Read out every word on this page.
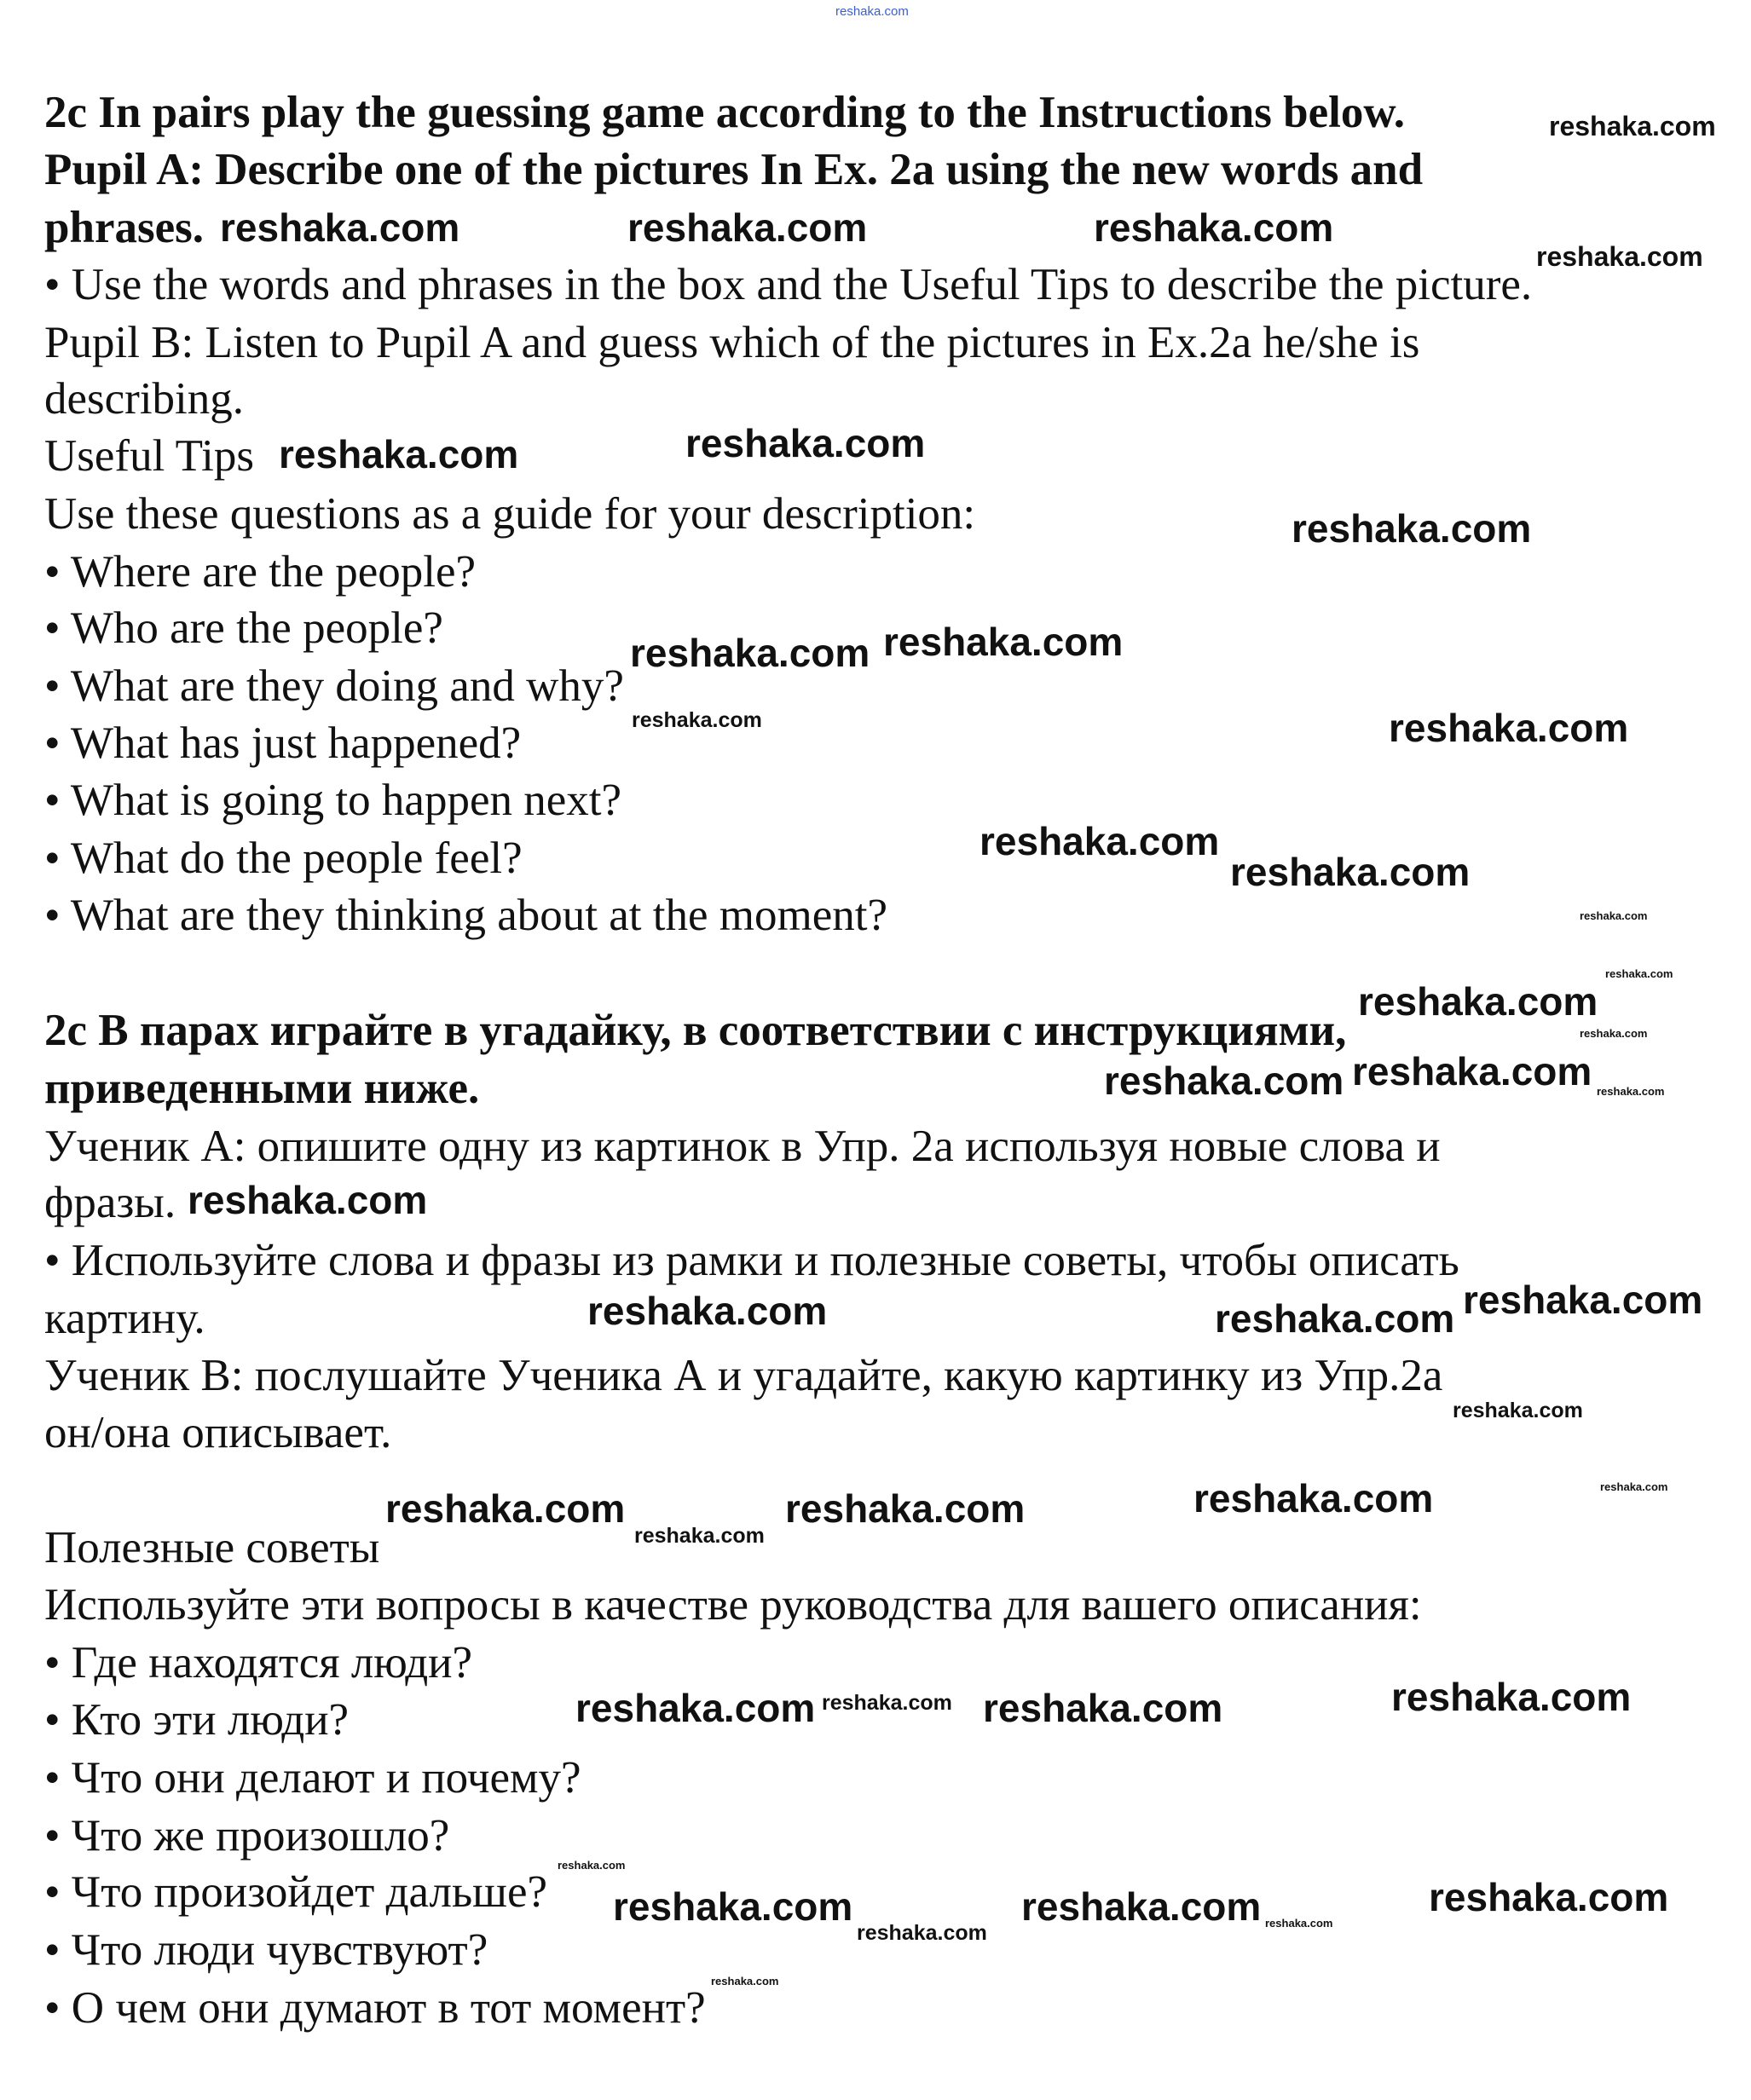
2c In pairs play the guessing game according to the Instructions below.
Pupil A: Describe one of the pictures In Ex. 2a using the new words and
phrases.
• Use the words and phrases in the box and the Useful Tips to describe the picture.
Pupil B: Listen to Pupil A and guess which of the pictures in Ex.2a he/she is
describing.
Useful Tips
Use these questions as a guide for your description:
• Where are the people?
• Who are the people?
• What are they doing and why?
• What has just happened?
• What is going to happen next?
• What do the people feel?
• What are they thinking about at the moment?
2c В парах играйте в угадайку, в соответствии с инструкциями,
приведенными ниже.
Ученик А: опишите одну из картинок в Упр. 2а используя новые слова и
фразы.
• Используйте слова и фразы из рамки и полезные советы, чтобы описать
картину.
Ученик В: послушайте Ученика А и угадайте, какую картинку из Упр.2а
он/она описывает.
Полезные советы
Используйте эти вопросы в качестве руководства для вашего описания:
• Где находятся люди?
• Кто эти люди?
• Что они делают и почему?
• Что же произошло?
• Что произойдет дальше?
• Что люди чувствуют?
• О чем они думают в тот момент?
reshaka.com
reshaka.com
reshaka.com	reshaka.com	reshaka.com
reshaka.com
reshaka.com	reshaka.com
reshaka.com
reshaka.com reshaka.com
reshaka.com
reshaka.com
reshaka.com
reshaka.com
reshaka.com
reshaka.com
reshaka.com
reshaka.com	reshaka.com
reshaka.com
reshaka.com	reshaka.com	reshaka.com
reshaka.com	reshaka.com	reshaka.com
reshaka.com	reshaka.com	reshaka.com
reshaka.com
reshaka.com
reshaka.com
reshaka.com
reshaka.com
reshaka.com
reshaka.com
reshaka.com
reshaka.com
reshaka.com
reshaka.com
reshaka.com
reshaka.com
